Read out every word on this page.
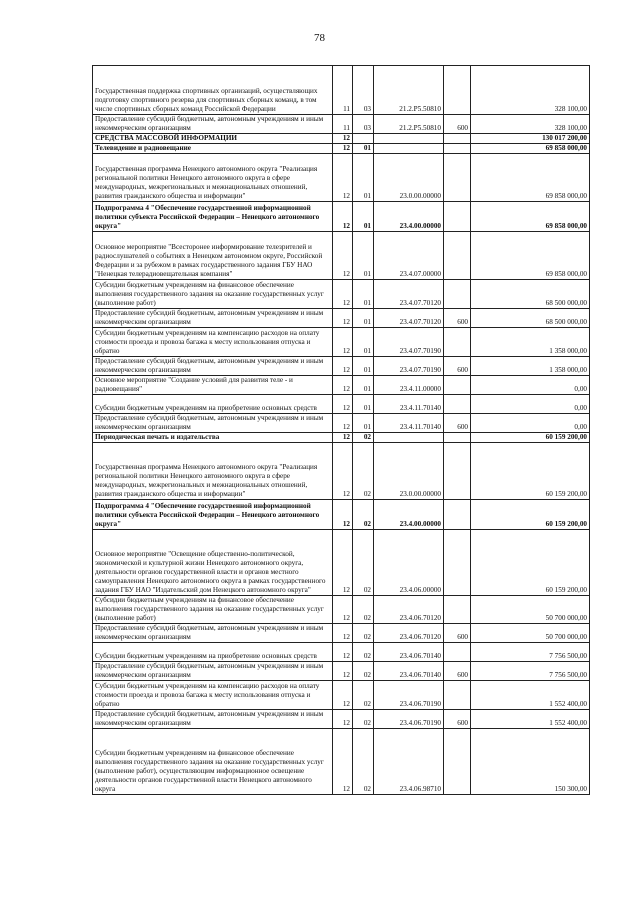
78
Государственная поддержка спортивных организаций, осуществляющих подготовку спортивного резерва для спортивных сборных команд, в том числе спортивных сборных команд Российской Федерации	11	03	21.2.Р5.50810		328 100,00
Предоставление субсидий бюджетным, автономным учреждениям и иным некоммерческим организациям	11	03	21.2.Р5.50810	600	328 100,00
СРЕДСТВА МАССОВОЙ ИНФОРМАЦИИ	12				130 017 200,00
Телевидение и радиовещание	12	01			69 858 000,00
Государственная программа Ненецкого автономного округа "Реализация региональной политики Ненецкого автономного округа в сфере международных, межрегиональных и межнациональных отношений, развития гражданского общества и информации"	12	01	23.0.00.00000		69 858 000,00
Подпрограмма 4 "Обеспечение государственной информационной политики субъекта Российской Федерации – Ненецкого автономного округа"	12	01	23.4.00.00000		69 858 000,00
Основное мероприятие "Всесторонее информирование телезрителей и радиослушателей о событиях в Ненецком автономном округе, Российской Федерации и за рубежом в рамках государственного задания ГБУ НАО "Ненецкая телерадиовещательная компания"	12	01	23.4.07.00000		69 858 000,00
Субсидии бюджетным учреждениям на финансовое обеспечение выполнения государственного задания на оказание государственных услуг (выполнение работ)	12	01	23.4.07.70120		68 500 000,00
Предоставление субсидий бюджетным, автономным учреждениям и иным некоммерческим организациям	12	01	23.4.07.70120	600	68 500 000,00
Субсидии бюджетным учреждениям на компенсацию расходов на оплату стоимости проезда и провоза багажа к месту использования отпуска и обратно	12	01	23.4.07.70190		1 358 000,00
Предоставление субсидий бюджетным, автономным учреждениям и иным некоммерческим организациям	12	01	23.4.07.70190	600	1 358 000,00
Основное мероприятие "Создание условий для развития теле - и радиовещания"	12	01	23.4.11.00000		0,00
Субсидии бюджетным учреждениям на приобретение основных средств	12	01	23.4.11.70140		0,00
Предоставление субсидий бюджетным, автономным учреждениям и иным некоммерческим организациям	12	01	23.4.11.70140	600	0,00
Периодическая печать и издательства	12	02			60 159 200,00
Государственная программа Ненецкого автономного округа "Реализация региональной политики Ненецкого автономного округа в сфере международных, межрегиональных и межнациональных отношений, развития гражданского общества и информации"	12	02	23.0.00.00000		60 159 200,00
Подпрограмма 4 "Обеспечение государственной информационной политики субъекта Российской Федерации – Ненецкого автономного округа"	12	02	23.4.00.00000		60 159 200,00
Основное мероприятие "Освещение общественно-политической, экономической и культурной жизни Ненецкого автономного округа, деятельности органов государственной власти и органов местного самоуправления Ненецкого автономного округа в рамках государственного задания ГБУ НАО "Издательский дом Ненецкого автономного округа"	12	02	23.4.06.00000		60 159 200,00
Субсидии бюджетным учреждениям на финансовое обеспечение выполнения государственного задания на оказание государственных услуг (выполнение работ)	12	02	23.4.06.70120		50 700 000,00
Предоставление субсидий бюджетным, автономным учреждениям и иным некоммерческим организациям	12	02	23.4.06.70120	600	50 700 000,00
Субсидии бюджетным учреждениям на приобретение основных средств	12	02	23.4.06.70140		7 756 500,00
Предоставление субсидий бюджетным, автономным учреждениям и иным некоммерческим организациям	12	02	23.4.06.70140	600	7 756 500,00
Субсидии бюджетным учреждениям на компенсацию расходов на оплату стоимости проезда и провоза багажа к месту использования отпуска и обратно	12	02	23.4.06.70190		1 552 400,00
Предоставление субсидий бюджетным, автономным учреждениям и иным некоммерческим организациям	12	02	23.4.06.70190	600	1 552 400,00
Субсидии бюджетным учреждениям на финансовое обеспечение выполнения государственного задания на оказание государственных услуг (выполнение работ), осуществляющим информационное освещение деятельности органов государственной власти Ненецкого автономного округа	12	02	23.4.06.98710		150 300,00
